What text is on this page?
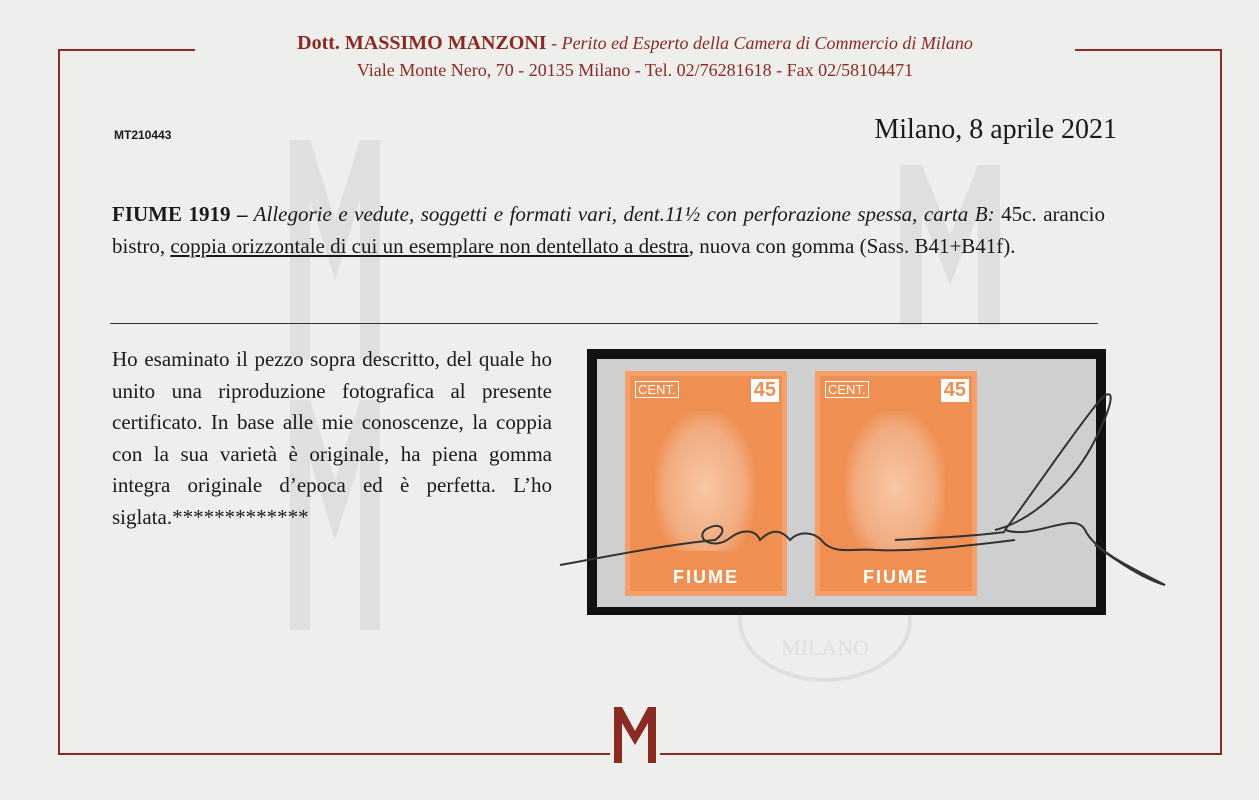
MILANO
Dott. MASSIMO MANZONI - Perito ed Esperto della Camera di Commercio di Milano
Viale Monte Nero, 70 - 20135 Milano - Tel. 02/76281618 - Fax 02/58104471
MT210443	Milano, 8 aprile 2021
FIUME 1919 – Allegorie e vedute, soggetti e formati vari, dent.11½ con perforazione spessa, carta B: 45c. arancio bistro, coppia orizzontale di cui un esemplare non dentellato a destra, nuova con gomma (Sass. B41+B41f).
Ho esaminato il pezzo sopra descritto, del quale ho unito una riproduzione fotografica al presente certificato. In base alle mie conoscenze, la coppia con la sua varietà è originale, ha piena gomma integra originale d’epoca ed è perfetta. L’ho siglata.*************
CENT.	45
FIUME
CENT.	45
FIUME
